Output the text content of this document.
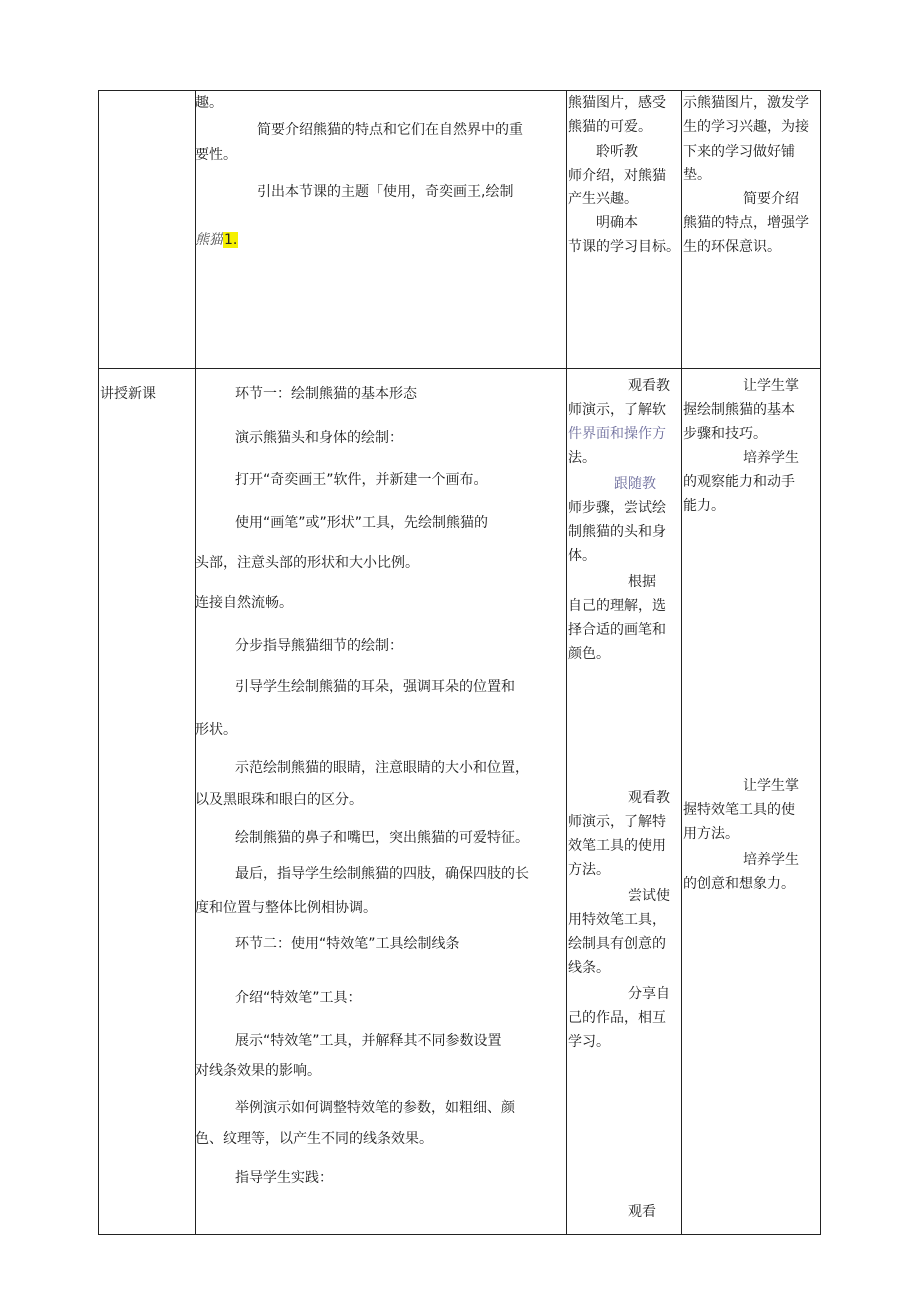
趣。
简要介绍熊猫的特点和它们在自然界中的重
要性。
引出本节课的主题「使用，奇奕画王,绘制
熊猫1.
熊猫图片，感受
熊猫的可爱。
聆听教
师介绍，对熊猫
产生兴趣。
明确本
节课的学习目标。
示熊猫图片，激发学
生的学习兴趣，为接
下来的学习做好铺
垫。
简要介绍
熊猫的特点，增强学
生的环保意识。
讲授新课	环节一：绘制熊猫的基本形态
演示熊猫头和身体的绘制：
打开“奇奕画王”软件，并新建一个画布。
使用“画笔”或”形状”工具，先绘制熊猫的
头部，注意头部的形状和大小比例。
连接自然流畅。
分步指导熊猫细节的绘制：
引导学生绘制熊猫的耳朵，强调耳朵的位置和
形状。
示范绘制熊猫的眼睛，注意眼睛的大小和位置，
以及黑眼珠和眼白的区分。
绘制熊猫的鼻子和嘴巴，突出熊猫的可爱特征。
最后，指导学生绘制熊猫的四肢，确保四肢的长
度和位置与整体比例相协调。
环节二：使用“特效笔”工具绘制线条
介绍“特效笔”工具：
展示“特效笔”工具，并解释其不同参数设置
对线条效果的影响。
举例演示如何调整特效笔的参数，如粗细、颜
色、纹理等，以产生不同的线条效果。
指导学生实践：
观看教
师演示，了解软
件界面和操作方
法。
跟随教
师步骤，尝试绘
制熊猫的头和身
体。
根据
自己的理解，选
择合适的画笔和
颜色。
观看教
师演示，了解特
效笔工具的使用
方法。
尝试使
用特效笔工具，
绘制具有创意的
线条。
分享自
己的作品，相互
学习。
观看
让学生掌
握绘制熊猫的基本
步骤和技巧。
培养学生
的观察能力和动手
能力。
让学生掌
握特效笔工具的使
用方法。
培养学生
的创意和想象力。
